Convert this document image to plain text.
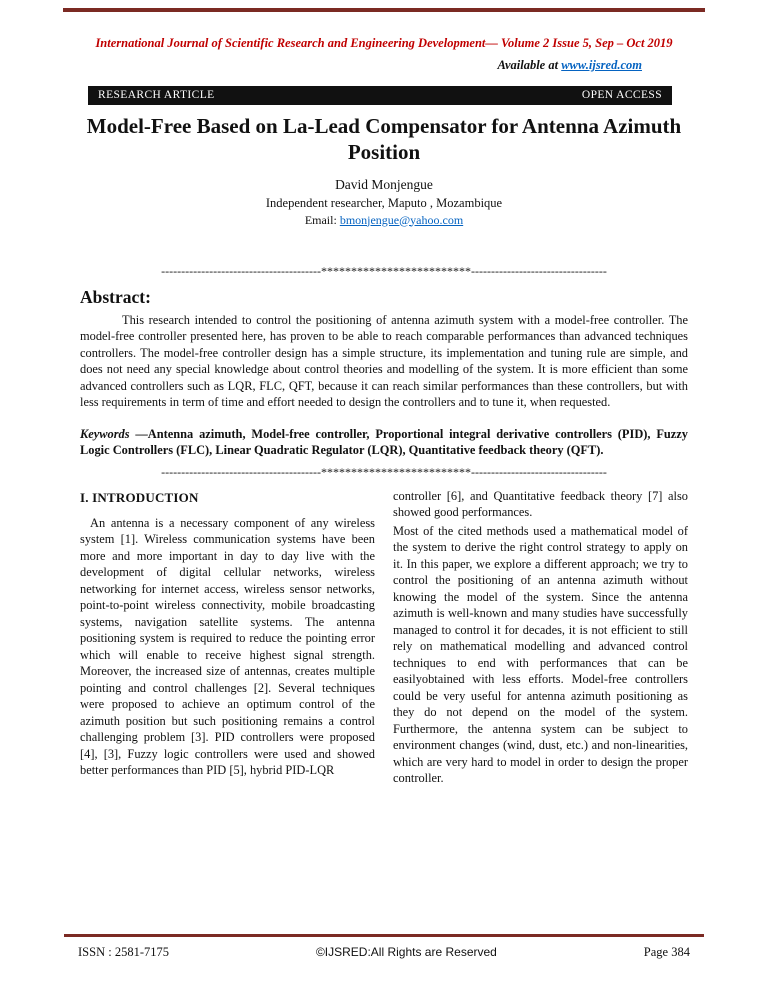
International Journal of Scientific Research and Engineering Development— Volume 2 Issue 5, Sep – Oct 2019
Available at www.ijsred.com
RESEARCH ARTICLE	OPEN ACCESS
Model-Free Based on La-Lead Compensator for Antenna Azimuth Position
David Monjengue
Independent researcher, Maputo , Mozambique
Email: bmonjengue@yahoo.com
----------------------------------------*************************----------------------------------
Abstract:

This research intended to control the positioning of antenna azimuth system with a model-free controller. The model-free controller presented here, has proven to be able to reach comparable performances than advanced techniques controllers. The model-free controller design has a simple structure, its implementation and tuning rule are simple, and does not need any special knowledge about control theories and modelling of the system. It is more efficient than some advanced controllers such as LQR, FLC, QFT, because it can reach similar performances than these controllers, but with less requirements in term of time and effort needed to design the controllers and to tune it, when requested.

Keywords —Antenna azimuth, Model-free controller, Proportional integral derivative controllers (PID), Fuzzy Logic Controllers (FLC), Linear Quadratic Regulator (LQR), Quantitative feedback theory (QFT).

----------------------------------------*************************----------------------------------
I. INTRODUCTION

An antenna is a necessary component of any wireless system [1]. Wireless communication systems have been more and more important in day to day live with the development of digital cellular networks, wireless networking for internet access, wireless sensor networks, point-to-point wireless connectivity, mobile broadcasting systems, navigation satellite systems. The antenna positioning system is required to reduce the pointing error which will enable to receive highest signal strength. Moreover, the increased size of antennas, creates multiple pointing and control challenges [2]. Several techniques were proposed to achieve an optimum control of the azimuth position but such positioning remains a control challenging problem [3]. PID controllers were proposed [4], [3], Fuzzy logic controllers were used and showed better performances than PID [5], hybrid PID-LQR

controller [6], and Quantitative feedback theory [7] also showed good performances.

Most of the cited methods used a mathematical model of the system to derive the right control strategy to apply on it. In this paper, we explore a different approach; we try to control the positioning of an antenna azimuth without knowing the model of the system. Since the antenna azimuth is well-known and many studies have successfully managed to control it for decades, it is not efficient to still rely on mathematical modelling and advanced control techniques to end with performances that can be easilyobtained with less efforts. Model-free controllers could be very useful for antenna azimuth positioning as they do not depend on the model of the system. Furthermore, the antenna system can be subject to environment changes (wind, dust, etc.) and non-linearities, which are very hard to model in order to design the proper controller.

ISSN : 2581-7175	©IJSRED:All Rights are Reserved	Page 384
